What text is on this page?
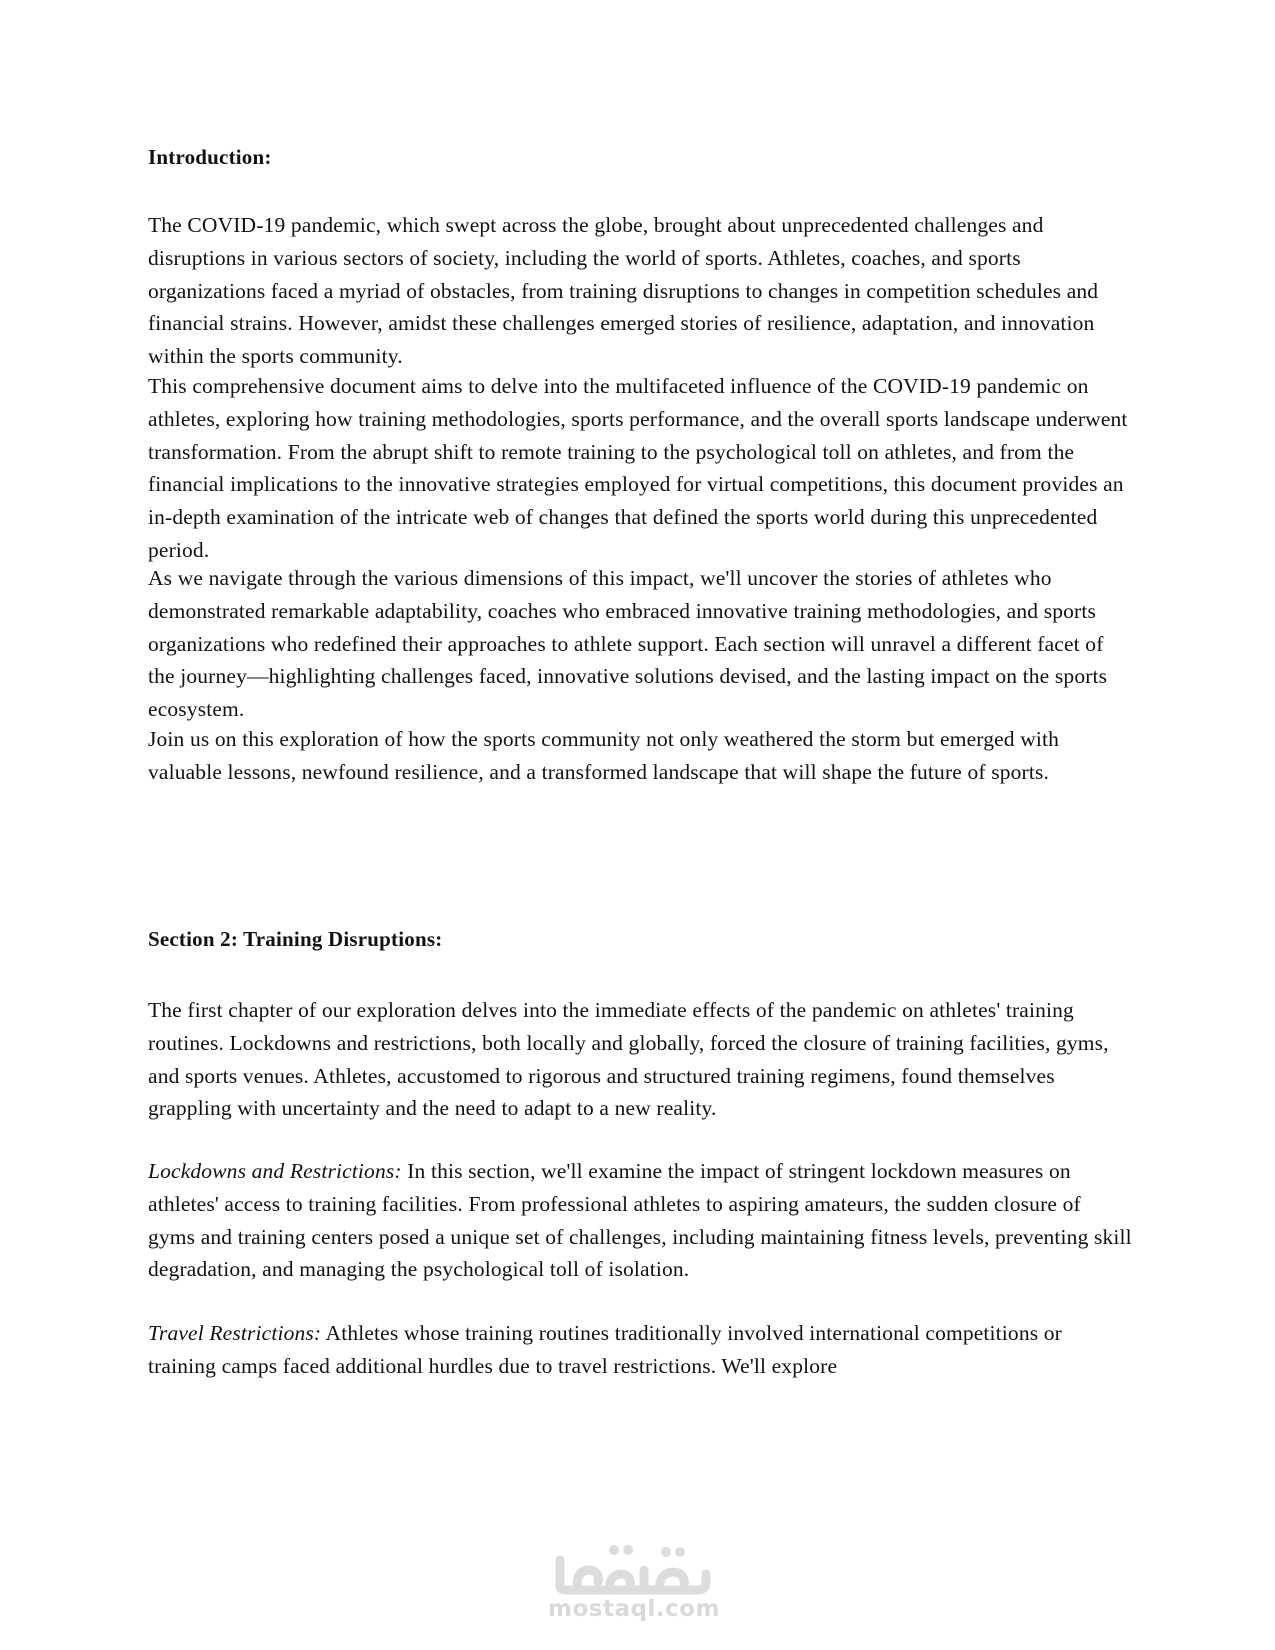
Introduction:

The COVID-19 pandemic, which swept across the globe, brought about unprecedented challenges and disruptions in various sectors of society, including the world of sports. Athletes, coaches, and sports organizations faced a myriad of obstacles, from training disruptions to changes in competition schedules and financial strains. However, amidst these challenges emerged stories of resilience, adaptation, and innovation within the sports community.

This comprehensive document aims to delve into the multifaceted influence of the COVID-19 pandemic on athletes, exploring how training methodologies, sports performance, and the overall sports landscape underwent transformation. From the abrupt shift to remote training to the psychological toll on athletes, and from the financial implications to the innovative strategies employed for virtual competitions, this document provides an in-depth examination of the intricate web of changes that defined the sports world during this unprecedented period.

As we navigate through the various dimensions of this impact, we'll uncover the stories of athletes who demonstrated remarkable adaptability, coaches who embraced innovative training methodologies, and sports organizations who redefined their approaches to athlete support. Each section will unravel a different facet of the journey—highlighting challenges faced, innovative solutions devised, and the lasting impact on the sports ecosystem.

Join us on this exploration of how the sports community not only weathered the storm but emerged with valuable lessons, newfound resilience, and a transformed landscape that will shape the future of sports.

Section 2: Training Disruptions:

The first chapter of our exploration delves into the immediate effects of the pandemic on athletes' training routines. Lockdowns and restrictions, both locally and globally, forced the closure of training facilities, gyms, and sports venues. Athletes, accustomed to rigorous and structured training regimens, found themselves grappling with uncertainty and the need to adapt to a new reality.

Lockdowns and Restrictions: In this section, we'll examine the impact of stringent lockdown measures on athletes' access to training facilities. From professional athletes to aspiring amateurs, the sudden closure of gyms and training centers posed a unique set of challenges, including maintaining fitness levels, preventing skill degradation, and managing the psychological toll of isolation.

Travel Restrictions: Athletes whose training routines traditionally involved international competitions or training camps faced additional hurdles due to travel restrictions. We'll explore

mostaql.com
